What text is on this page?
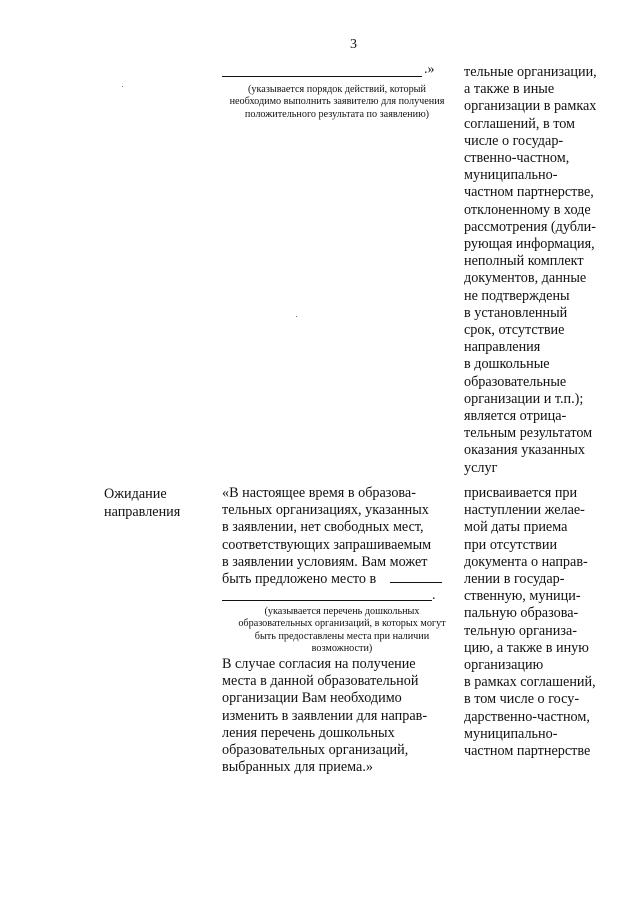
3
.»
(указывается порядок действий, который
необходимо выполнить заявителю для получения
положительного результата по заявлению)
тельные организации,
а также в иные
организации в рамках
соглашений, в том
числе о государ-
ственно-частном,
муниципально-
частном партнерстве,
отклоненному в ходе
рассмотрения (дубли-
рующая информация,
неполный комплект
документов, данные
не подтверждены
в установленный
срок, отсутствие
направления
в дошкольные
образовательные
организации и т.п.);
является отрица-
тельным результатом
оказания указанных
услуг
Ожидание
направления
«В настоящее время в образова-
тельных организациях, указанных
в заявлении, нет свободных мест,
соответствующих запрашиваемым
в заявлении условиям. Вам может
быть предложено место в
.
(указывается перечень дошкольных
образовательных организаций, в которых могут
быть предоставлены места при наличии
возможности)
В случае согласия на получение
места в данной образовательной
организации Вам необходимо
изменить в заявлении для направ-
ления перечень дошкольных
образовательных организаций,
выбранных для приема.»
присваивается при
наступлении желае-
мой даты приема
при отсутствии
документа о направ-
лении в государ-
ственную, муници-
пальную образова-
тельную организа-
цию, а также в иную
организацию
в рамках соглашений,
в том числе о госу-
дарственно-частном,
муниципально-
частном партнерстве
